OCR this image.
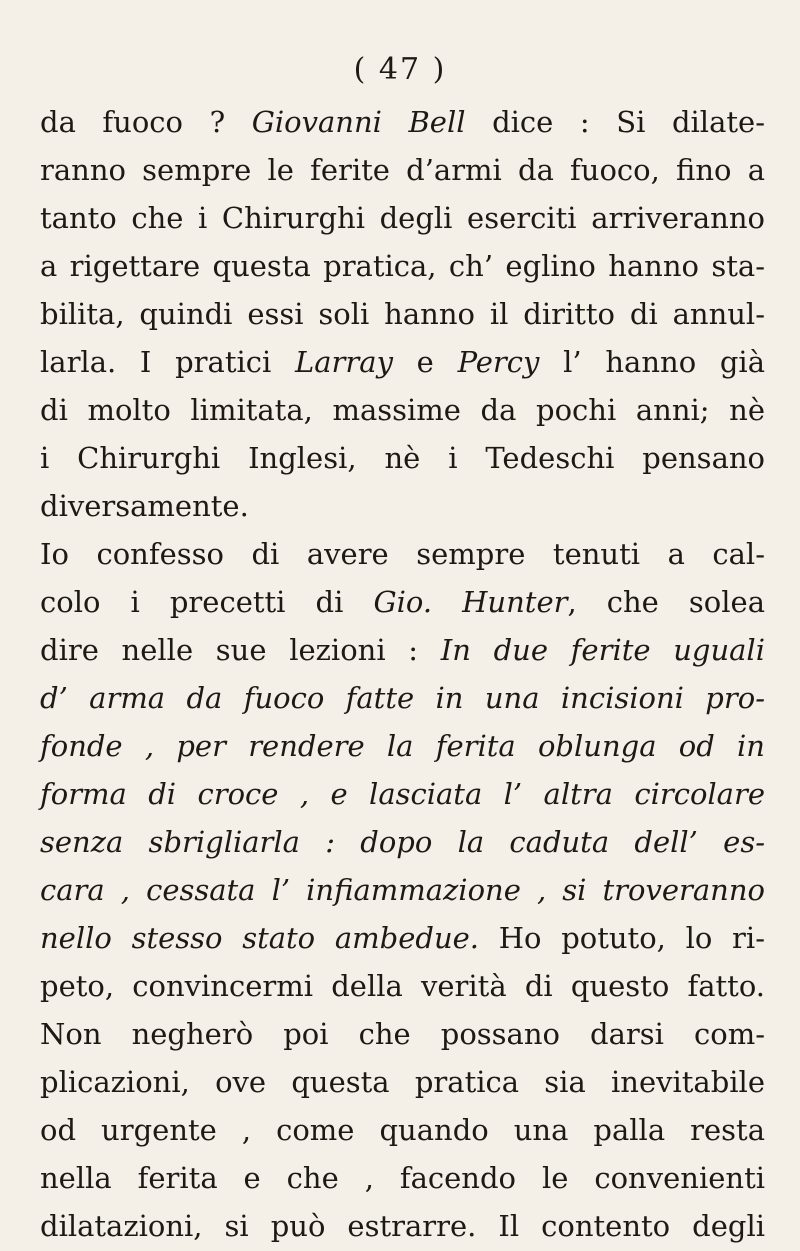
( 47 )
da fuoco ? Giovanni Bell dice : Si dilate-
ranno sempre le ferite d’armi da fuoco, fino a
tanto che i Chirurghi degli eserciti arriveranno
a rigettare questa pratica, ch’ eglino hanno sta-
bilita, quindi essi soli hanno il diritto di annul-
larla. I pratici Larray e Percy l’ hanno già
di molto limitata, massime da pochi anni; nè
i Chirurghi Inglesi, nè i Tedeschi pensano
diversamente.
Io confesso di avere sempre tenuti a cal-
colo i precetti di Gio. Hunter, che solea
dire nelle sue lezioni : In due ferite uguali
d’ arma da fuoco fatte in una incisioni pro-
fonde , per rendere la ferita oblunga od in
forma di croce , e lasciata l’ altra circolare
senza sbrigliarla : dopo la caduta dell’ es-
cara , cessata l’ infiammazione , si troveranno
nello stesso stato ambedue. Ho potuto, lo ri-
peto, convincermi della verità di questo fatto.
Non negherò poi che possano darsi com-
plicazioni, ove questa pratica sia inevitabile
od urgente , come quando una palla resta
nella ferita e che , facendo le convenienti
dilatazioni, si può estrarre. Il contento degli
